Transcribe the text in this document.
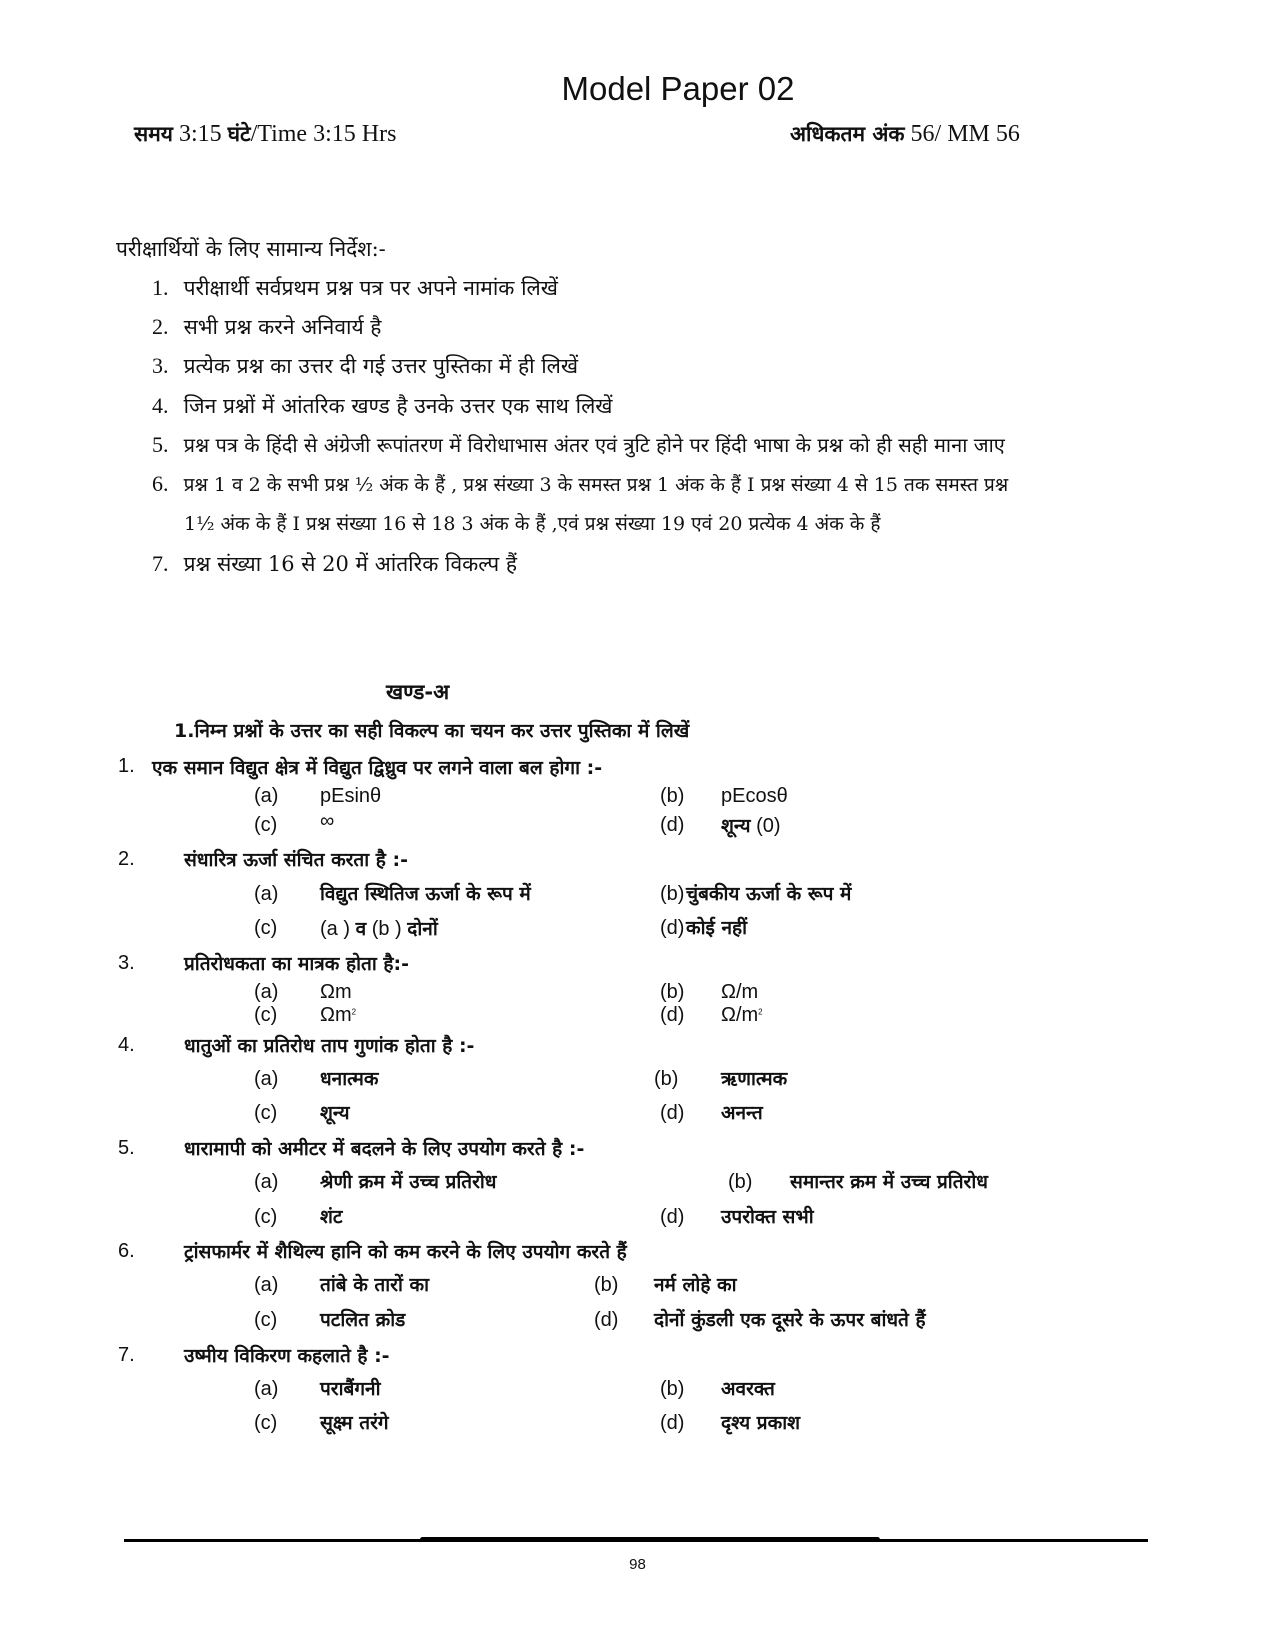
Model Paper 02
समय 3:15 घंटे/Time 3:15 Hrs	अधिकतम अंक 56/ MM 56
परीक्षार्थियों के लिए सामान्य निर्देश:-
1. परीक्षार्थी सर्वप्रथम प्रश्न पत्र पर अपने नामांक लिखें
2. सभी प्रश्न करने अनिवार्य है
3. प्रत्येक प्रश्न का उत्तर दी गई उत्तर पुस्तिका में ही लिखें
4. जिन प्रश्नों में आंतरिक खण्ड है उनके उत्तर एक साथ लिखें
5. प्रश्न पत्र के हिंदी से अंग्रेजी रूपांतरण में विरोधाभास अंतर एवं त्रुटि होने पर हिंदी भाषा के प्रश्न को ही सही माना जाए
6. प्रश्न 1 व 2 के सभी प्रश्न ½ अंक के हैं , प्रश्न संख्या 3 के समस्त प्रश्न 1 अंक के हैं I प्रश्न संख्या 4 से 15 तक समस्त प्रश्न
1½ अंक के हैं I प्रश्न संख्या 16 से 18 3 अंक के हैं ,एवं प्रश्न संख्या 19 एवं 20 प्रत्येक 4 अंक के हैं
7. प्रश्न संख्या 16 से 20 में आंतरिक विकल्प हैं
खण्ड-अ
1.निम्न प्रश्नों के उत्तर का सही विकल्प का चयन कर उत्तर पुस्तिका में लिखें
1. एक समान विद्युत क्षेत्र में विद्युत द्विध्रुव पर लगने वाला बल होगा :-
(a) pEsinθ	(b) pEcosθ
(c) ∞	(d) शून्य (0)
2.	संधारित्र ऊर्जा संचित करता है :-
(a) विद्युत स्थितिज ऊर्जा के रूप में	(b) चुंबकीय ऊर्जा के रूप में
(c) (a ) व (b ) दोनों	(d) कोई नहीं
3.	प्रतिरोधकता का मात्रक होता है:-
(a) Ωm	(b) Ω/m
(c) $\Omega m^2$	(d) $\Omega/m^2$
4.	धातुओं का प्रतिरोध ताप गुणांक होता है :-
(a) धनात्मक	(b) ऋणात्मक
(c) शून्य	(d) अनन्त
5.	धारामापी को अमीटर में बदलने के लिए उपयोग करते है :-
(a) श्रेणी क्रम में उच्च प्रतिरोध	(b) समान्तर क्रम में उच्च प्रतिरोध
(c) शंट	(d) उपरोक्त सभी
6.	ट्रांसफार्मर में शैथिल्य हानि को कम करने के लिए उपयोग करते हैं
(a) तांबे के तारों का	(b) नर्म लोहे का
(c) पटलित क्रोड	(d) दोनों कुंडली एक दूसरे के ऊपर बांधते हैं
7.	उष्मीय विकिरण कहलाते है :-
(a) पराबैंगनी	(b) अवरक्त
(c) सूक्ष्म तरंगे	(d) दृश्य प्रकाश
98
